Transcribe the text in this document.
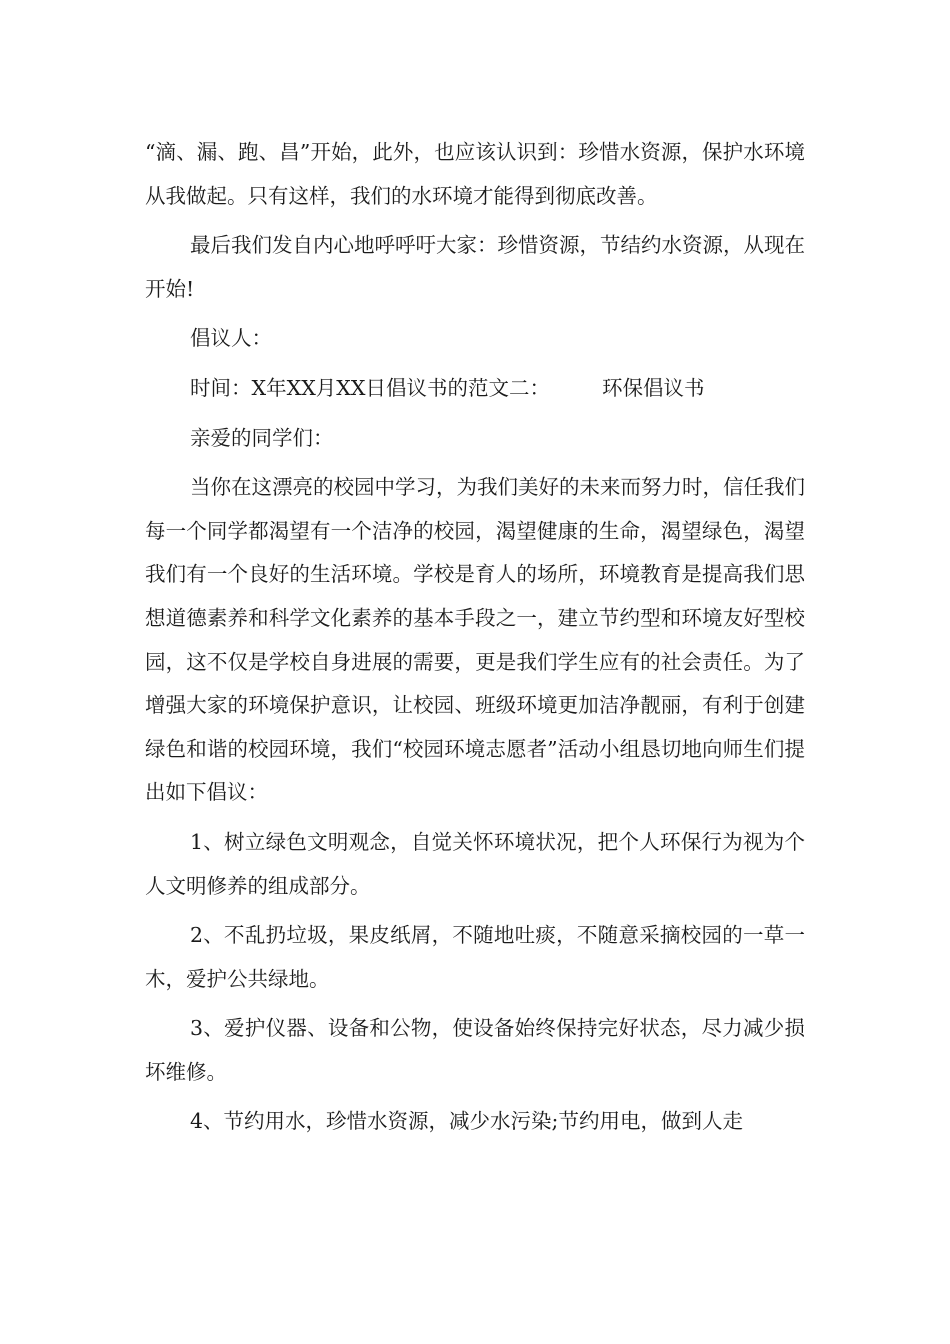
“滴、漏、跑、昌”开始，此外，也应该认识到：珍惜水资源，保护水环境从我做起。只有这样，我们的水环境才能得到彻底改善。

最后我们发自内心地呼呼吁大家：珍惜资源，节结约水资源，从现在开始!

倡议人：

时间：X年XX月XX日倡议书的范文二：	环保倡议书

亲爱的同学们：

当你在这漂亮的校园中学习，为我们美好的未来而努力时，信任我们每一个同学都渴望有一个洁净的校园，渴望健康的生命，渴望绿色，渴望我们有一个良好的生活环境。学校是育人的场所，环境教育是提高我们思想道德素养和科学文化素养的基本手段之一，建立节约型和环境友好型校园，这不仅是学校自身进展的需要，更是我们学生应有的社会责任。为了增强大家的环境保护意识，让校园、班级环境更加洁净靓丽，有利于创建绿色和谐的校园环境，我们“校园环境志愿者”活动小组恳切地向师生们提出如下倡议：

1、树立绿色文明观念，自觉关怀环境状况，把个人环保行为视为个人文明修养的组成部分。

2、不乱扔垃圾，果皮纸屑，不随地吐痰，不随意采摘校园的一草一木，爱护公共绿地。

3、爱护仪器、设备和公物，使设备始终保持完好状态，尽力减少损坏维修。

4、节约用水，珍惜水资源，减少水污染;节约用电，做到人走
